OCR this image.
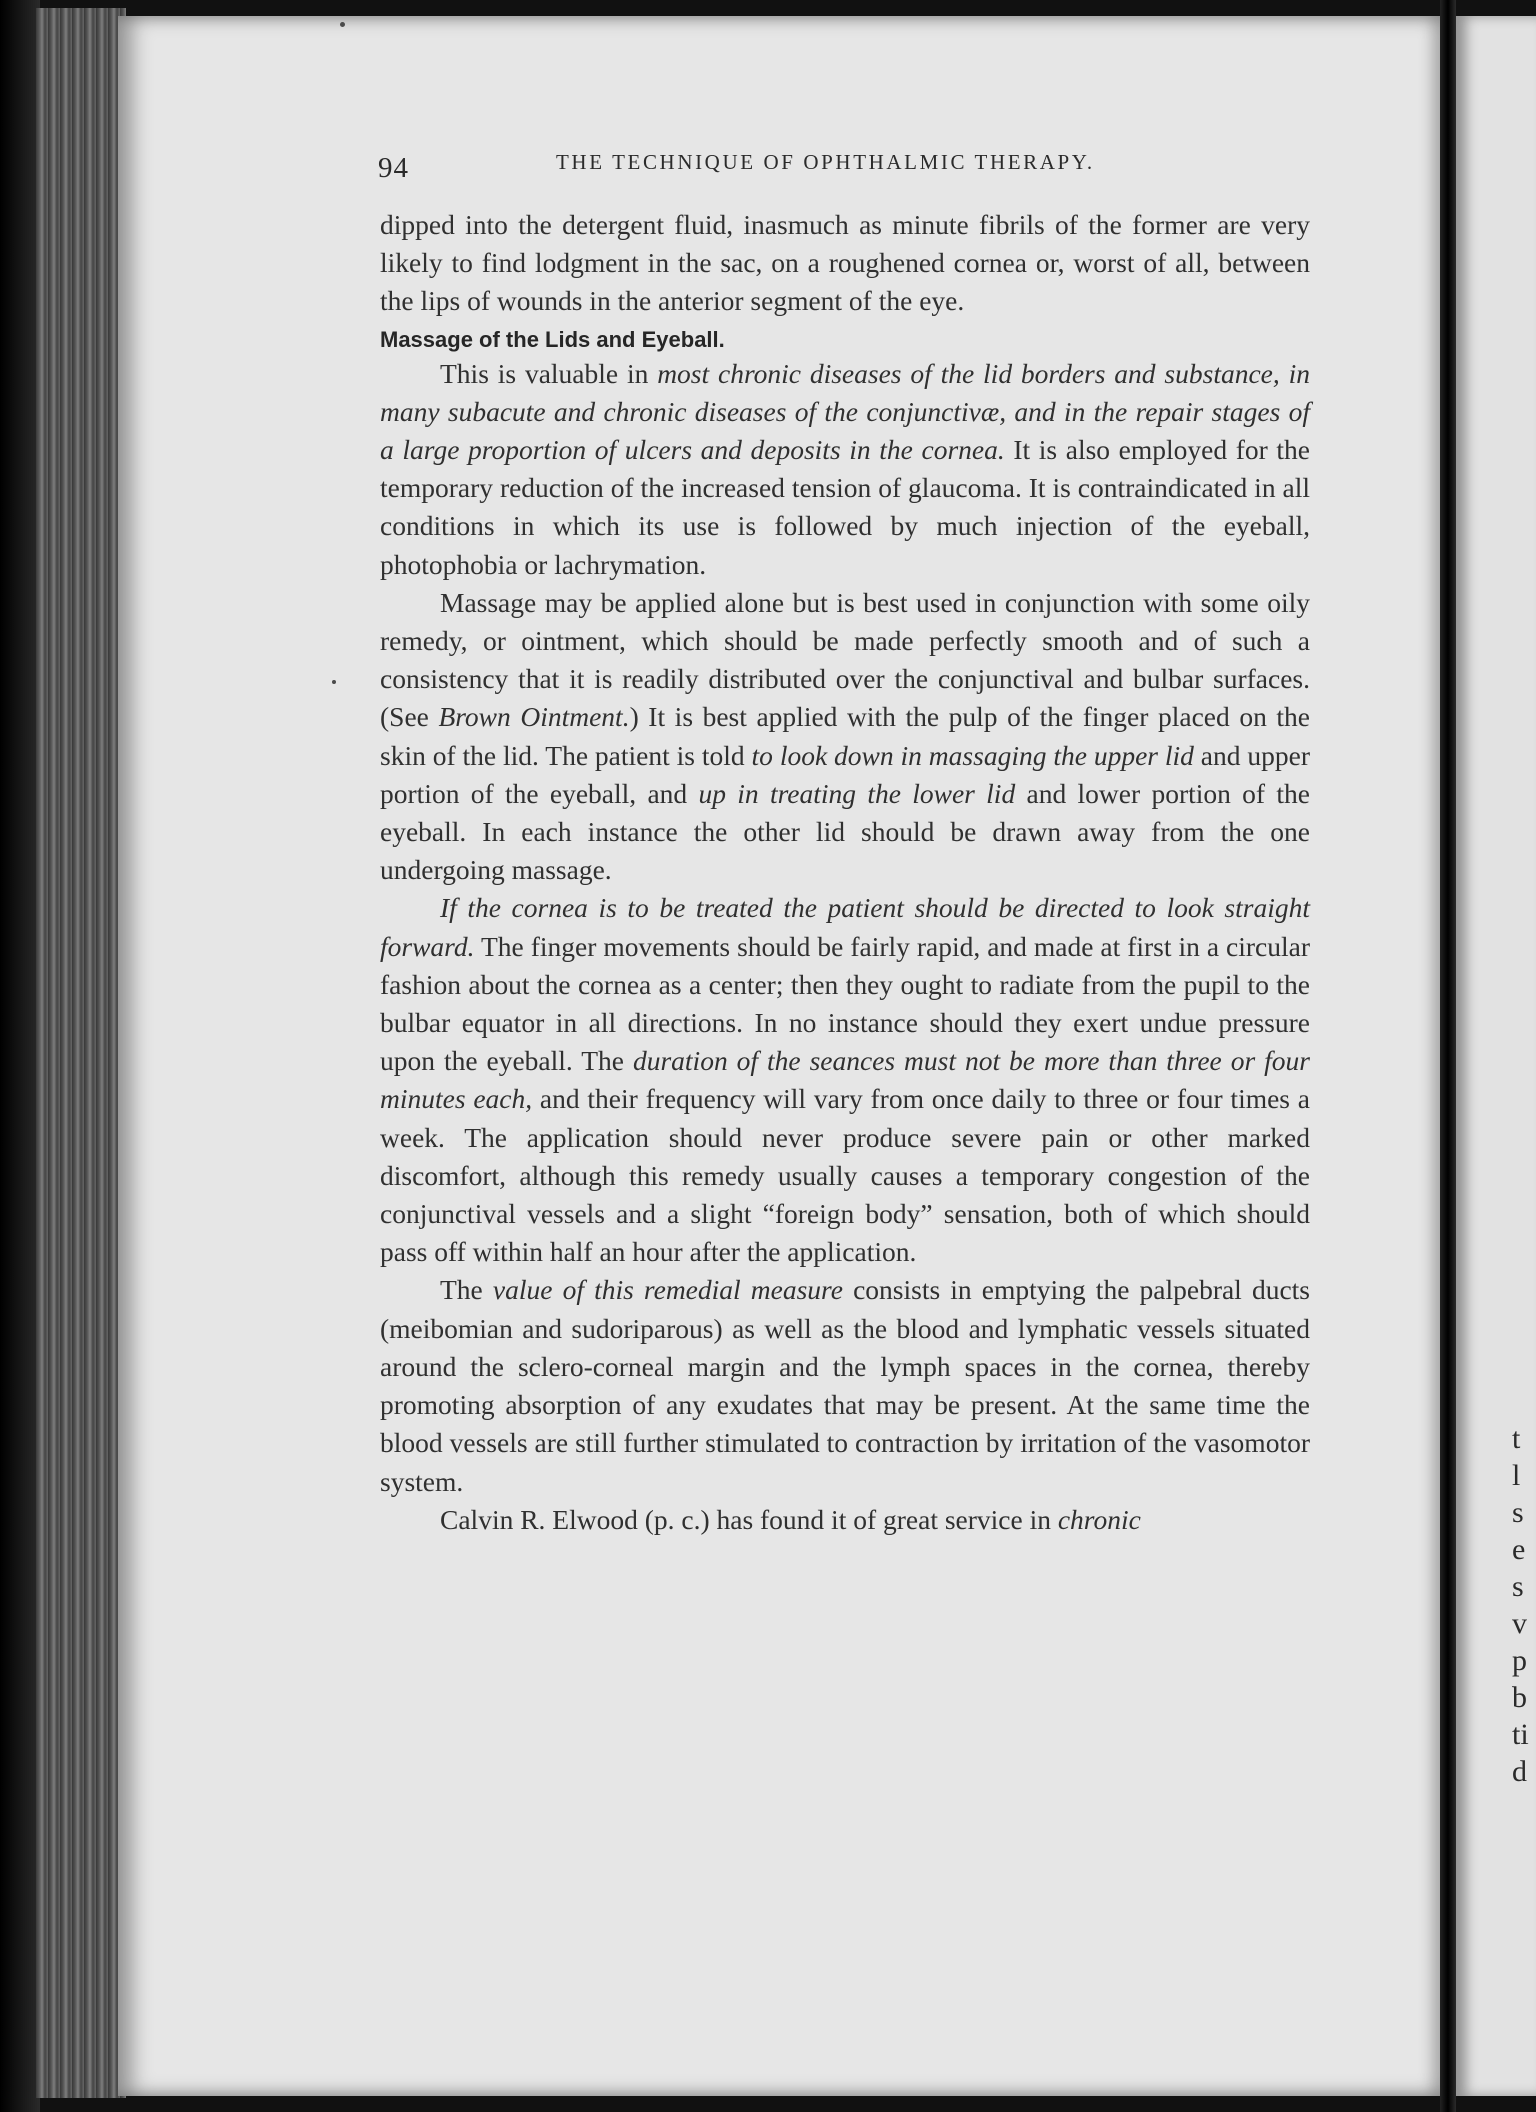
t
l
s
e
s
v
p
b
ti
d
94	THE TECHNIQUE OF OPHTHALMIC THERAPY.

dipped into the detergent fluid, inasmuch as minute fibrils of the former are very likely to find lodgment in the sac, on a roughened cornea or, worst of all, between the lips of wounds in the anterior segment of the eye.

Massage of the Lids and Eyeball.

This is valuable in most chronic diseases of the lid borders and substance, in many subacute and chronic diseases of the conjunctivæ, and in the repair stages of a large proportion of ulcers and deposits in the cornea. It is also employed for the temporary reduction of the increased tension of glaucoma. It is contraindicated in all conditions in which its use is followed by much injection of the eyeball, photophobia or lachrymation.

Massage may be applied alone but is best used in conjunction with some oily remedy, or ointment, which should be made perfectly smooth and of such a consistency that it is readily distributed over the conjunctival and bulbar surfaces. (See Brown Ointment.) It is best applied with the pulp of the finger placed on the skin of the lid. The patient is told to look down in massaging the upper lid and upper portion of the eyeball, and up in treating the lower lid and lower portion of the eyeball. In each instance the other lid should be drawn away from the one undergoing massage.

If the cornea is to be treated the patient should be directed to look straight forward. The finger movements should be fairly rapid, and made at first in a circular fashion about the cornea as a center; then they ought to radiate from the pupil to the bulbar equator in all directions. In no instance should they exert undue pressure upon the eyeball. The duration of the seances must not be more than three or four minutes each, and their frequency will vary from once daily to three or four times a week. The application should never produce severe pain or other marked discomfort, although this remedy usually causes a temporary congestion of the conjunctival vessels and a slight “foreign body” sensation, both of which should pass off within half an hour after the application.

The value of this remedial measure consists in emptying the palpebral ducts (meibomian and sudoriparous) as well as the blood and lymphatic vessels situated around the sclero-corneal margin and the lymph spaces in the cornea, thereby promoting absorption of any exudates that may be present. At the same time the blood vessels are still further stimulated to contraction by irritation of the vasomotor system.

Calvin R. Elwood (p. c.) has found it of great service in chronic
